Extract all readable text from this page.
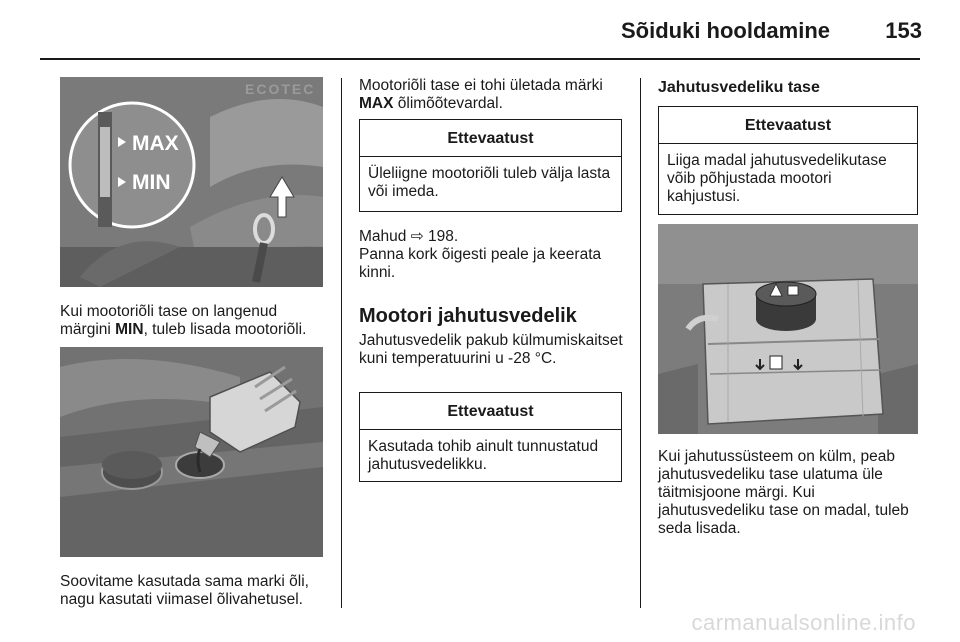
Sõiduki hooldamine	153
MAX
MIN
ECOTEC
Kui mootoriõli tase on langenud märgini MIN, tuleb lisada mootoriõli.
Soovitame kasutada sama marki õli, nagu kasutati viimasel õlivahetusel.
Mootoriõli tase ei tohi ületada märki MAX õlimõõtevardal.
Ettevaatust
Üleliigne mootoriõli tuleb välja lasta või imeda.
Mahud ⇨ 198.
Panna kork õigesti peale ja keerata kinni.
Mootori jahutusvedelik
Jahutusvedelik pakub külmumiskaitset kuni temperatuurini u -28 °C.
Ettevaatust
Kasutada tohib ainult tunnustatud jahutusvedelikku.
Jahutusvedeliku tase
Ettevaatust
Liiga madal jahutusvedelikutase võib põhjustada mootori kahjustusi.
Kui jahutussüsteem on külm, peab jahutusvedeliku tase ulatuma üle täitmisjoone märgi. Kui jahutusvedeliku tase on madal, tuleb seda lisada.
carmanualsonline.info
